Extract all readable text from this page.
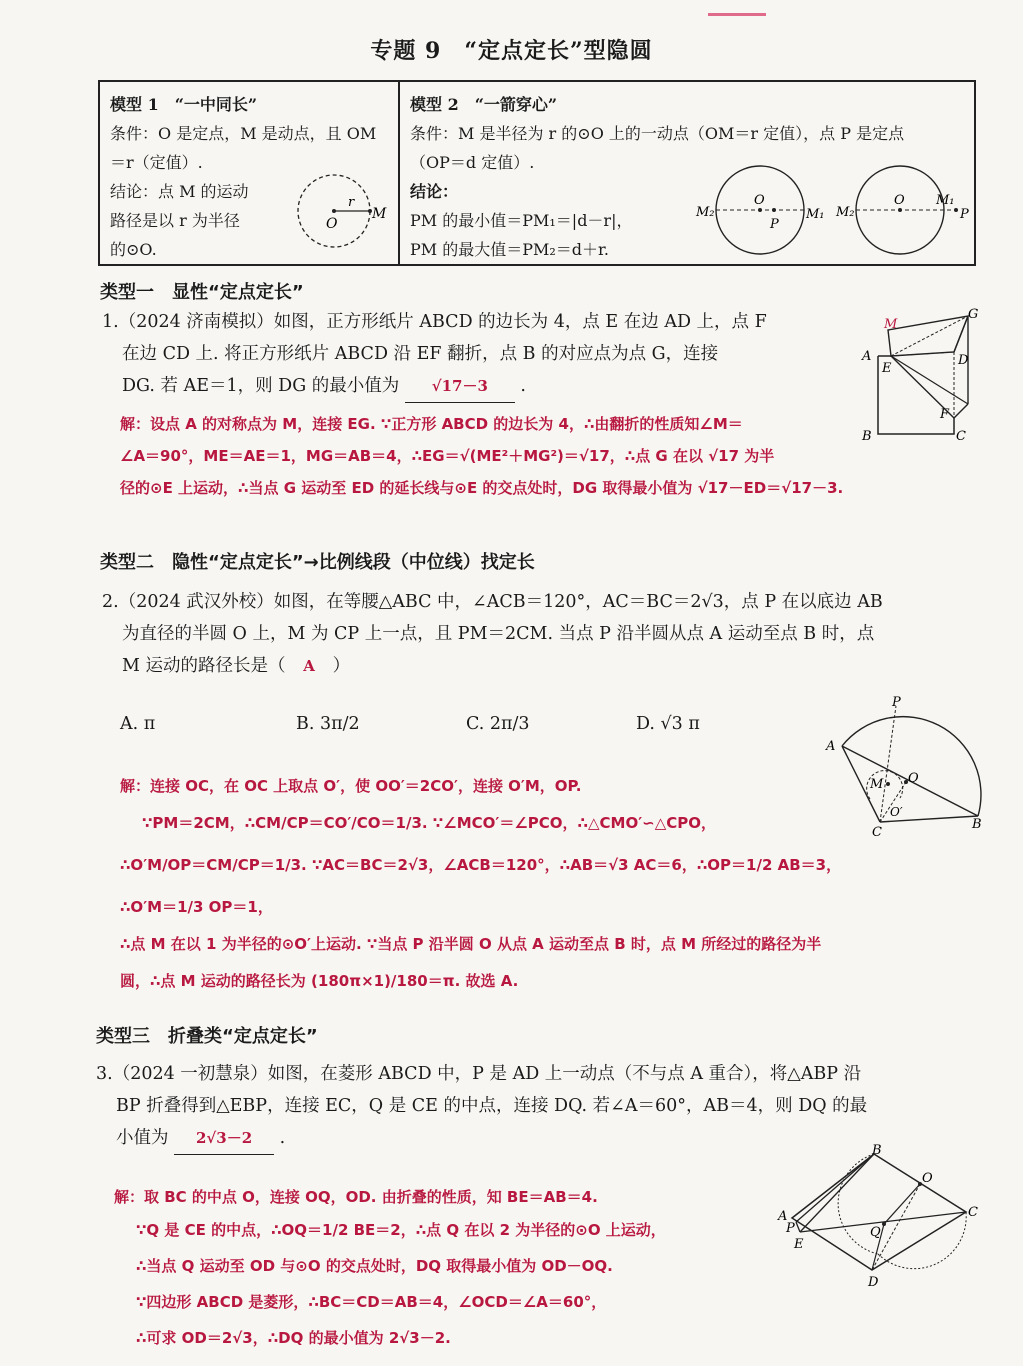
专题 9　“定点定长”型隐圆
模型 1　“一中同长”
条件：O 是定点，M 是动点，且 OM
＝r（定值）.
结论：点 M 的运动
路径是以 r 为半径
的⊙O.
O
r
M
模型 2　“一箭穿心”
条件：M 是半径为 r 的⊙O 上的一动点（OM＝r 定值），点 P 是定点
（OP＝d 定值）.
结论：
PM 的最小值＝PM₁＝|d－r|，
PM 的最大值＝PM₂＝d＋r.
M₂
O
P
M₁ M₂
O M₁
P
类型一　显性“定点定长”
1.（2024 济南模拟）如图，正方形纸片 ABCD 的边长为 4，点 E 在边 AD 上，点 F
在边 CD 上. 将正方形纸片 ABCD 沿 EF 翻折，点 B 的对应点为点 G，连接
DG. 若 AE＝1，则 DG 的最小值为 √17－3 .
解：设点 A 的对称点为 M，连接 EG. ∵正方形 ABCD 的边长为 4，∴由翻折的性质知∠M＝
∠A＝90°，ME＝AE＝1，MG＝AB＝4，∴EG＝√(ME²＋MG²)＝√17，∴点 G 在以 √17 为半
径的⊙E 上运动，∴当点 G 运动至 ED 的延长线与⊙E 的交点处时，DG 取得最小值为 √17－ED＝√17－3.
M
G
A
E
D
F
B	C
类型二　隐性“定点定长”→比例线段（中位线）找定长
2.（2024 武汉外校）如图，在等腰△ABC 中，∠ACB＝120°，AC＝BC＝2√3，点 P 在以底边 AB
为直径的半圆 O 上，M 为 CP 上一点，且 PM＝2CM. 当点 P 沿半圆从点 A 运动至点 B 时，点
M 运动的路径长是（ A ）
A. π	B. 3π/2	C. 2π/3	D. √3 π
解：连接 OC，在 OC 上取点 O′，使 OO′＝2CO′，连接 O′M，OP.
∵PM＝2CM，∴CM/CP＝CO′/CO＝1/3. ∵∠MCO′＝∠PCO，∴△CMO′∽△CPO，
∴O′M/OP＝CM/CP＝1/3. ∵AC＝BC＝2√3，∠ACB＝120°，∴AB＝√3 AC＝6，∴OP＝1/2 AB＝3，∴O′M＝1/3 OP＝1，
∴点 M 在以 1 为半径的⊙O′上运动. ∵当点 P 沿半圆 O 从点 A 运动至点 B 时，点 M 所经过的路径为半
圆，∴点 M 运动的路径长为 (180π×1)/180＝π. 故选 A.
P
A
M O
O′
C
B
类型三　折叠类“定点定长”
3.（2024 一初慧泉）如图，在菱形 ABCD 中，P 是 AD 上一动点（不与点 A 重合），将△ABP 沿
BP 折叠得到△EBP，连接 EC，Q 是 CE 的中点，连接 DQ. 若∠A＝60°，AB＝4，则 DQ 的最
小值为 2√3－2 .
解：取 BC 的中点 O，连接 OQ，OD. 由折叠的性质，知 BE＝AB＝4.
∵Q 是 CE 的中点，∴OQ＝1/2 BE＝2，∴点 Q 在以 2 为半径的⊙O 上运动，
∴当点 Q 运动至 OD 与⊙O 的交点处时，DQ 取得最小值为 OD－OQ.
∵四边形 ABCD 是菱形，∴BC＝CD＝AB＝4，∠OCD＝∠A＝60°，
∴可求 OD＝2√3，∴DQ 的最小值为 2√3－2.
B
O
A
P
E
Q
C
D
